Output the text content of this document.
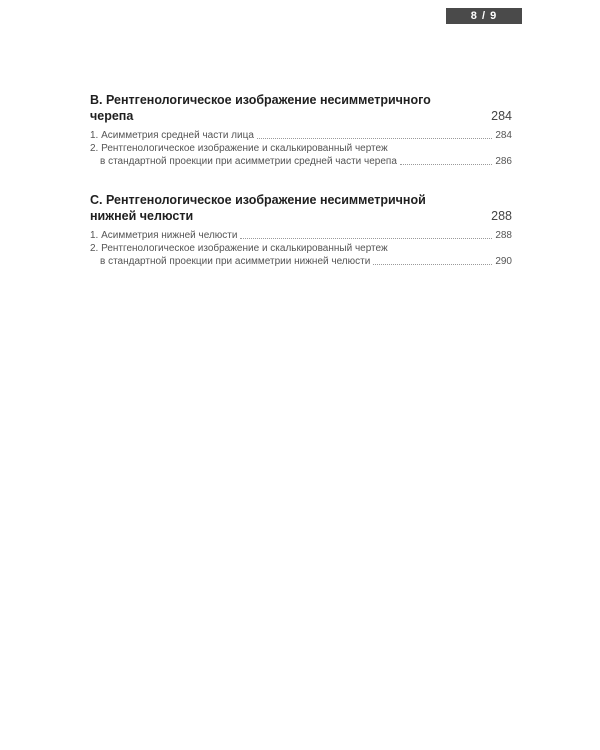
8 / 9
B. Рентгенологическое изображение несимметричного черепа	284
1. Асимметрия средней части лица	284
2. Рентгенологическое изображение и скалькированный чертеж
в стандартной проекции при асимметрии средней части черепа	286
C. Рентгенологическое изображение несимметричной нижней челюсти	288
1. Асимметрия нижней челюсти	288
2. Рентгенологическое изображение и скалькированный чертеж
в стандартной проекции при асимметрии нижней челюсти	290
